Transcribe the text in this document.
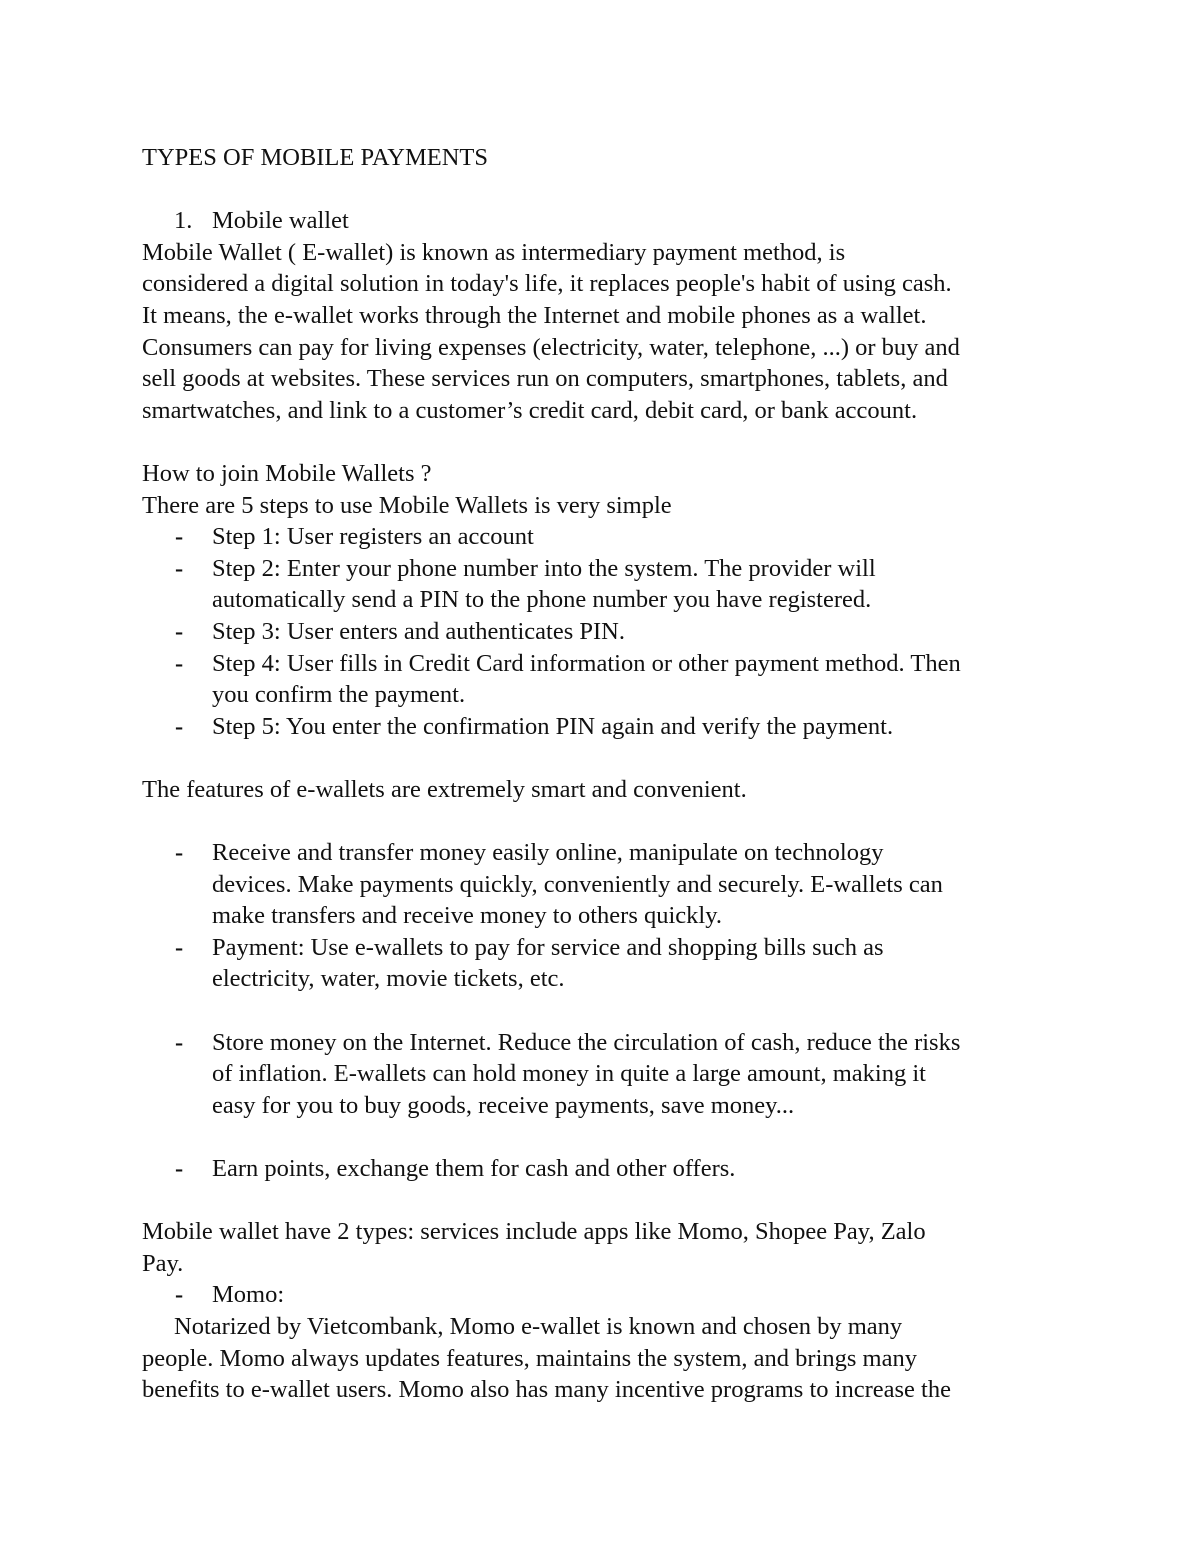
TYPES OF MOBILE PAYMENTS
1. Mobile wallet
Mobile Wallet ( E-wallet) is known as intermediary payment method, is
considered a digital solution in today's life, it replaces people's habit of using cash.
It means, the e-wallet works through the Internet and mobile phones as a wallet.
Consumers can pay for living expenses (electricity, water, telephone, ...) or buy and
sell goods at websites. These services run on computers, smartphones, tablets, and
smartwatches, and link to a customer’s credit card, debit card, or bank account.
How to join Mobile Wallets ?
There are 5 steps to use Mobile Wallets is very simple
- Step 1: User registers an account
- Step 2: Enter your phone number into the system. The provider will
automatically send a PIN to the phone number you have registered.
- Step 3: User enters and authenticates PIN.
- Step 4: User fills in Credit Card information or other payment method. Then
you confirm the payment.
- Step 5: You enter the confirmation PIN again and verify the payment.
The features of e-wallets are extremely smart and convenient.
- Receive and transfer money easily online, manipulate on technology
devices. Make payments quickly, conveniently and securely. E-wallets can
make transfers and receive money to others quickly.
- Payment: Use e-wallets to pay for service and shopping bills such as
electricity, water, movie tickets, etc.
- Store money on the Internet. Reduce the circulation of cash, reduce the risks
of inflation. E-wallets can hold money in quite a large amount, making it
easy for you to buy goods, receive payments, save money...
- Earn points, exchange them for cash and other offers.
Mobile wallet have 2 types: services include apps like Momo, Shopee Pay, Zalo
Pay.
- Momo:
Notarized by Vietcombank, Momo e-wallet is known and chosen by many
people. Momo always updates features, maintains the system, and brings many
benefits to e-wallet users. Momo also has many incentive programs to increase the
